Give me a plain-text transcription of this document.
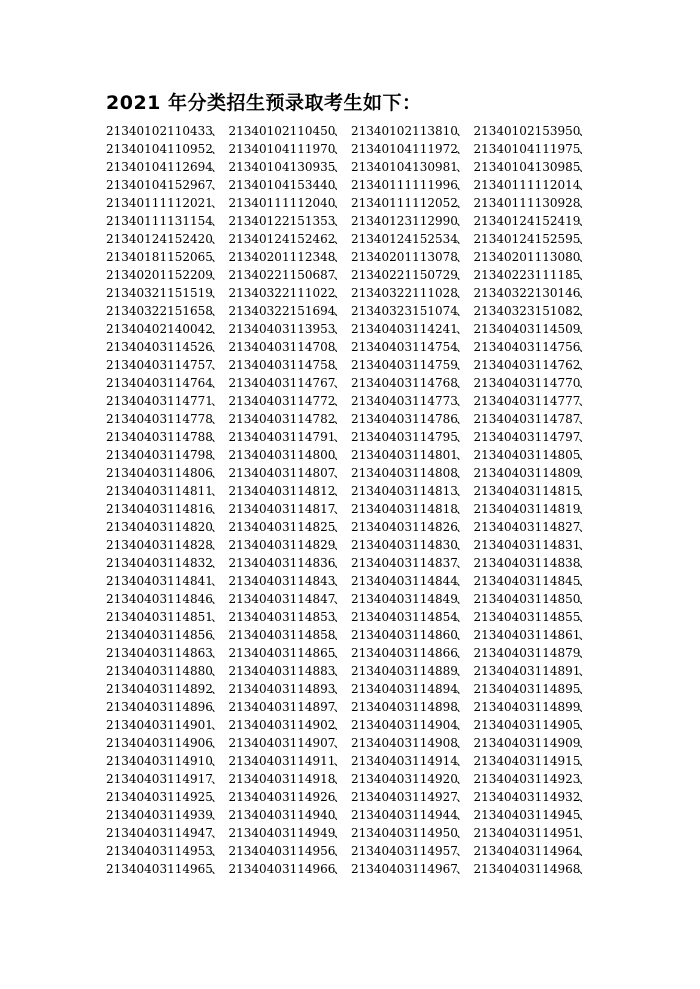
2021 年分类招生预录取考生如下：
21340102110433
、 21340102110450
、 21340102113810
、 21340102153950
、
21340104110952
、 21340104111970
、 21340104111972
、 21340104111975
、
21340104112694
、 21340104130935
、 21340104130981
、 21340104130985
、
21340104152967
、 21340104153440
、 21340111111996
、 21340111112014
、
21340111112021
、 21340111112040
、 21340111112052
、 21340111130928
、
21340111131154
、 21340122151353
、 21340123112990
、 21340124152419
、
21340124152420
、 21340124152462
、 21340124152534
、 21340124152595
、
21340181152065
、 21340201112348
、 21340201113078
、 21340201113080
、
21340201152209
、 21340221150687
、 21340221150729
、 21340223111185
、
21340321151519
、 21340322111022
、 21340322111028
、 21340322130146
、
21340322151658
、 21340322151694
、 21340323151074
、 21340323151082
、
21340402140042
、 21340403113953
、 21340403114241
、 21340403114509
、
21340403114526
、 21340403114708
、 21340403114754
、 21340403114756
、
21340403114757
、 21340403114758
、 21340403114759
、 21340403114762
、
21340403114764
、 21340403114767
、 21340403114768
、 21340403114770
、
21340403114771
、 21340403114772
、 21340403114773
、 21340403114777
、
21340403114778
、 21340403114782
、 21340403114786
、 21340403114787
、
21340403114788
、 21340403114791
、 21340403114795
、 21340403114797
、
21340403114798
、 21340403114800
、 21340403114801
、 21340403114805
、
21340403114806
、 21340403114807
、 21340403114808
、 21340403114809
、
21340403114811
、 21340403114812
、 21340403114813
、 21340403114815
、
21340403114816
、 21340403114817
、 21340403114818
、 21340403114819
、
21340403114820
、 21340403114825
、 21340403114826
、 21340403114827
、
21340403114828
、 21340403114829
、 21340403114830
、 21340403114831
、
21340403114832
、 21340403114836
、 21340403114837
、 21340403114838
、
21340403114841
、 21340403114843
、 21340403114844
、 21340403114845
、
21340403114846
、 21340403114847
、 21340403114849
、 21340403114850
、
21340403114851
、 21340403114853
、 21340403114854
、 21340403114855
、
21340403114856
、 21340403114858
、 21340403114860
、 21340403114861
、
21340403114863
、 21340403114865
、 21340403114866
、 21340403114879
、
21340403114880
、 21340403114883
、 21340403114889
、 21340403114891
、
21340403114892
、 21340403114893
、 21340403114894
、 21340403114895
、
21340403114896
、 21340403114897
、 21340403114898
、 21340403114899
、
21340403114901
、 21340403114902
、 21340403114904
、 21340403114905
、
21340403114906
、 21340403114907
、 21340403114908
、 21340403114909
、
21340403114910
、 21340403114911
、 21340403114914
、 21340403114915
、
21340403114917
、 21340403114918
、 21340403114920
、 21340403114923
、
21340403114925
、 21340403114926
、 21340403114927
、 21340403114932
、
21340403114939
、 21340403114940
、 21340403114944
、 21340403114945
、
21340403114947
、 21340403114949
、 21340403114950
、 21340403114951
、
21340403114953
、 21340403114956
、 21340403114957
、 21340403114964
、
21340403114965
、 21340403114966
、 21340403114967
、 21340403114968
、
